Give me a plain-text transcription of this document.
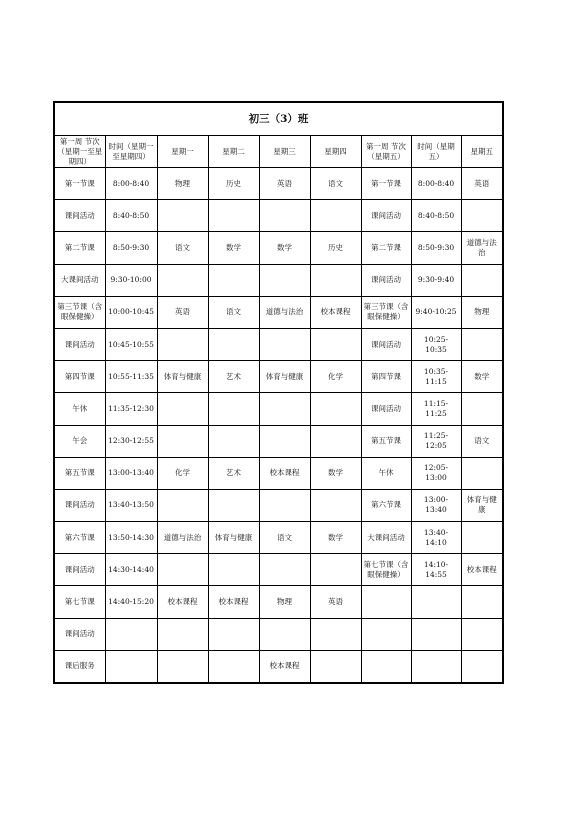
初三（3）班								
第一周 节次（星期一至星期四）	时间（星期一至星期四）	星期一	星期二	星期三	星期四	第一周 节次（星期五）	时间（星期五）	星期五
第一节课	8:00-8:40	物理	历史	英语	语文	第一节课	8:00-8:40	英语
课间活动	8:40-8:50					课间活动	8:40-8:50	
第二节课	8:50-9:30	语文	数学	数学	历史	第二节课	8:50-9:30	道德与法治
大课间活动	9:30-10:00					课间活动	9:30-9:40	
第三节课（含眼保健操）	10:00-10:45	英语	语文	道德与法治	校本课程	第三节课（含眼保健操）	9:40-10:25	物理
课间活动	10:45-10:55					课间活动	10:25-10:35	
第四节课	10:55-11:35	体育与健康	艺术	体育与健康	化学	第四节课	10:35-11:15	数学
午休	11:35-12:30					课间活动	11:15-11:25	
午会	12:30-12:55					第五节课	11:25-12:05	语文
第五节课	13:00-13:40	化学	艺术	校本课程	数学	午休	12:05-13:00	
课间活动	13:40-13:50					第六节课	13:00-13:40	体育与健康
第六节课	13:50-14:30	道德与法治	体育与健康	语文	数学	大课间活动	13:40-14:10	
课间活动	14:30-14:40					第七节课（含眼保健操）	14:10-14:55	校本课程
第七节课	14:40-15:20	校本课程	校本课程	物理	英语			
课间活动								
课后服务				校本课程				
